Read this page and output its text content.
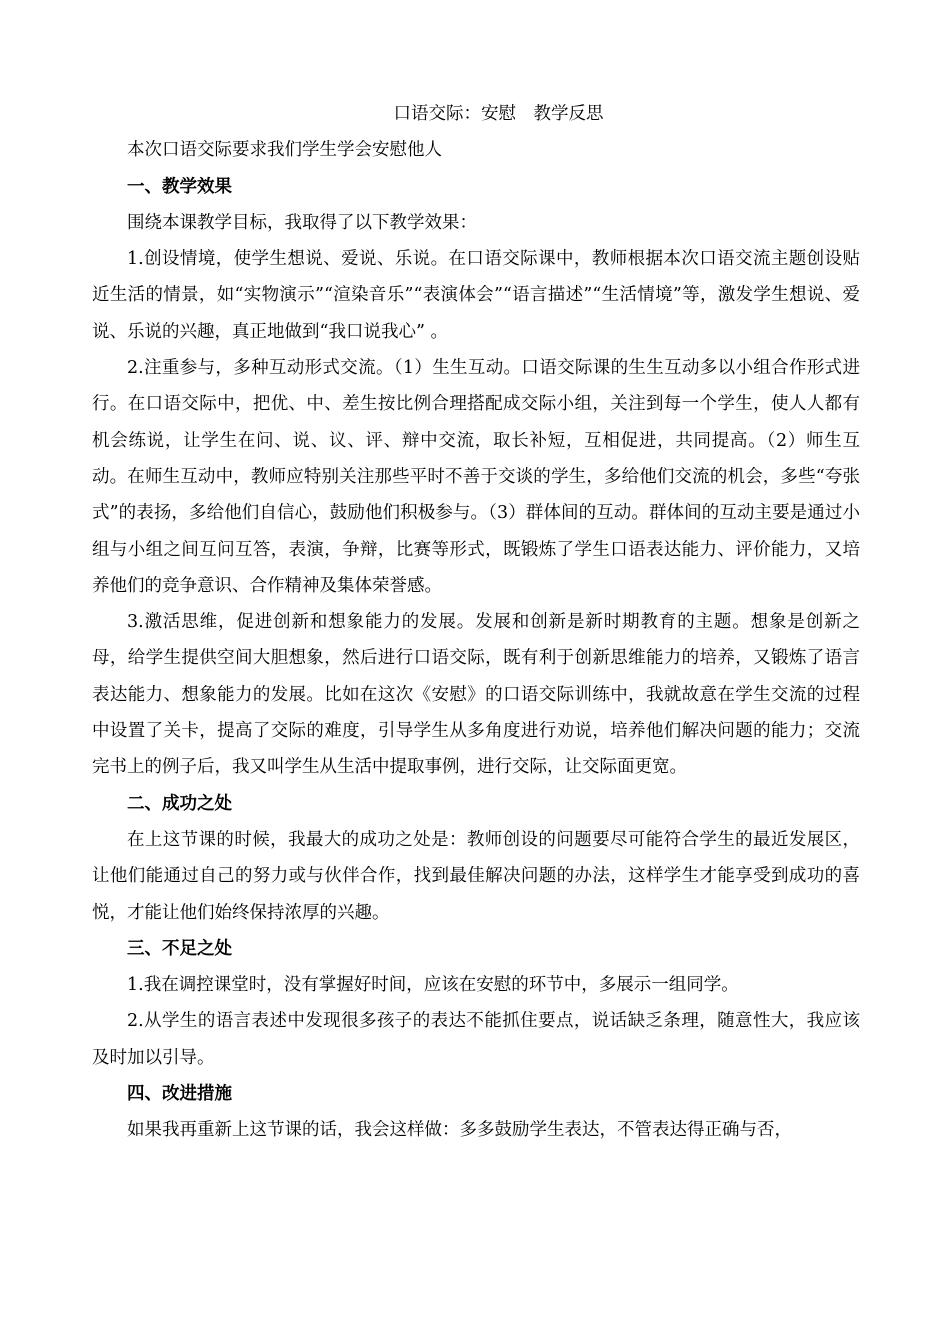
口语交际：安慰　教学反思

本次口语交际要求我们学生学会安慰他人

一、教学效果

围绕本课教学目标，我取得了以下教学效果：

1.创设情境，使学生想说、爱说、乐说。在口语交际课中，教师根据本次口语交流主题创设贴近生活的情景，如“实物演示”“渲染音乐”“表演体会”“语言描述”“生活情境”等，激发学生想说、爱说、乐说的兴趣，真正地做到“我口说我心” 。

2.注重参与，多种互动形式交流。（1）生生互动。口语交际课的生生互动多以小组合作形式进行。在口语交际中，把优、中、差生按比例合理搭配成交际小组，关注到每一个学生，使人人都有机会练说，让学生在问、说、议、评、辩中交流，取长补短，互相促进，共同提高。（2）师生互动。在师生互动中，教师应特别关注那些平时不善于交谈的学生，多给他们交流的机会，多些“夸张式”的表扬，多给他们自信心，鼓励他们积极参与。（3）群体间的互动。群体间的互动主要是通过小组与小组之间互问互答，表演，争辩，比赛等形式，既锻炼了学生口语表达能力、评价能力，又培养他们的竞争意识、合作精神及集体荣誉感。

3.激活思维，促进创新和想象能力的发展。发展和创新是新时期教育的主题。想象是创新之母，给学生提供空间大胆想象，然后进行口语交际，既有利于创新思维能力的培养，又锻炼了语言表达能力、想象能力的发展。比如在这次《安慰》的口语交际训练中，我就故意在学生交流的过程中设置了关卡，提高了交际的难度，引导学生从多角度进行劝说，培养他们解决问题的能力；交流完书上的例子后，我又叫学生从生活中提取事例，进行交际，让交际面更宽。

二、成功之处

在上这节课的时候，我最大的成功之处是：教师创设的问题要尽可能符合学生的最近发展区，让他们能通过自己的努力或与伙伴合作，找到最佳解决问题的办法，这样学生才能享受到成功的喜悦，才能让他们始终保持浓厚的兴趣。

三、不足之处

1.我在调控课堂时，没有掌握好时间，应该在安慰的环节中，多展示一组同学。

2.从学生的语言表述中发现很多孩子的表达不能抓住要点，说话缺乏条理，随意性大，我应该及时加以引导。

四、改进措施

如果我再重新上这节课的话，我会这样做：多多鼓励学生表达，不管表达得正确与否，
